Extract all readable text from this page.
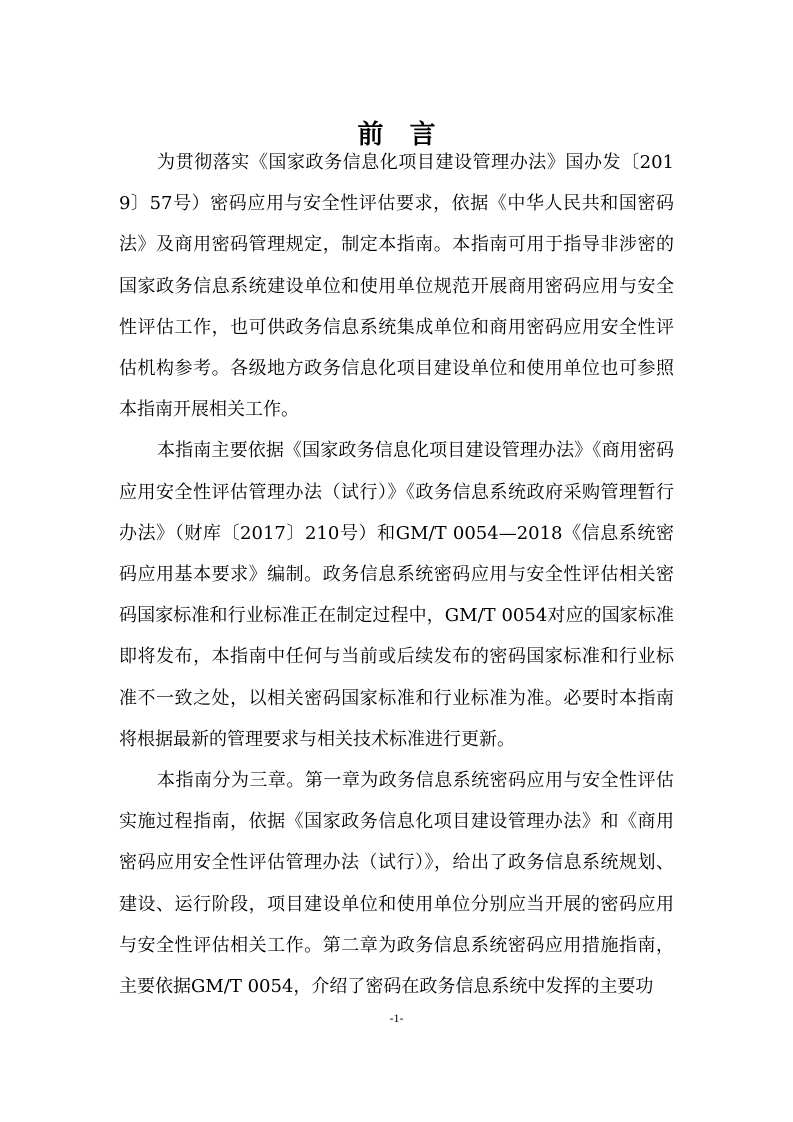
前言

为贯彻落实《国家政务信息化项目建设管理办法》国办发〔2019〕57号）密码应用与安全性评估要求，依据《中华人民共和国密码法》及商用密码管理规定，制定本指南。本指南可用于指导非涉密的国家政务信息系统建设单位和使用单位规范开展商用密码应用与安全性评估工作，也可供政务信息系统集成单位和商用密码应用安全性评估机构参考。各级地方政务信息化项目建设单位和使用单位也可参照本指南开展相关工作。

本指南主要依据《国家政务信息化项目建设管理办法》《商用密码应用安全性评估管理办法（试行）》《政务信息系统政府采购管理暂行办法》（财库〔2017〕210号）和GM/T 0054—2018《信息系统密码应用基本要求》编制。政务信息系统密码应用与安全性评估相关密码国家标准和行业标准正在制定过程中，GM/T 0054对应的国家标准即将发布，本指南中任何与当前或后续发布的密码国家标准和行业标准不一致之处，以相关密码国家标准和行业标准为准。必要时本指南将根据最新的管理要求与相关技术标准进行更新。

本指南分为三章。第一章为政务信息系统密码应用与安全性评估实施过程指南，依据《国家政务信息化项目建设管理办法》和《商用密码应用安全性评估管理办法（试行）》，给出了政务信息系统规划、建设、运行阶段，项目建设单位和使用单位分别应当开展的密码应用与安全性评估相关工作。第二章为政务信息系统密码应用措施指南，主要依据GM/T 0054，介绍了密码在政务信息系统中发挥的主要功

-1-
